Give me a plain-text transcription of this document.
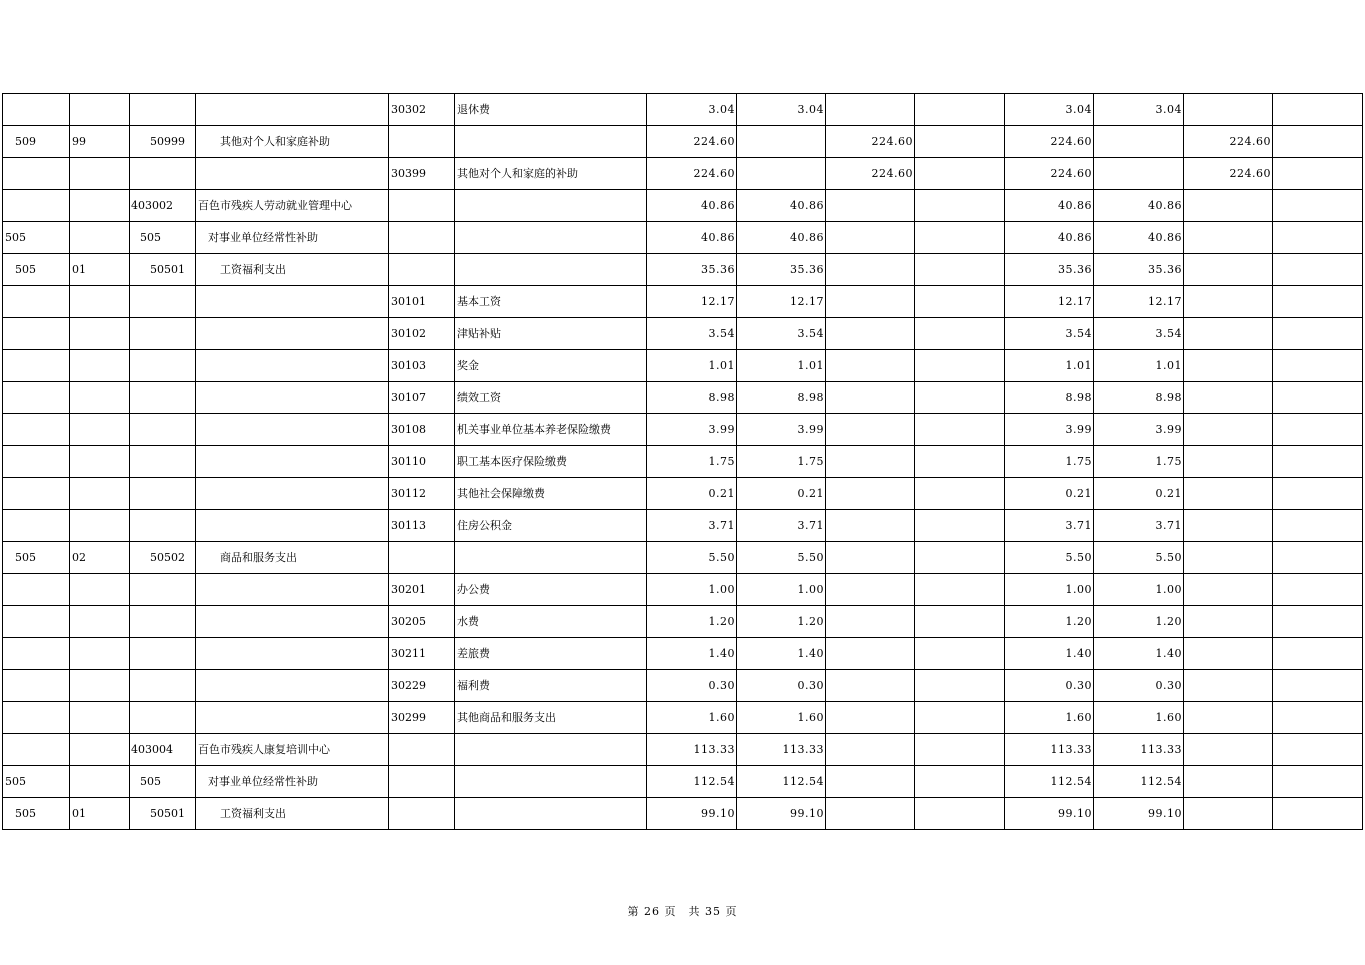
				30302	退休费	3.04	3.04			3.04	3.04		
509	99	50999	其他对个人和家庭补助			224.60		224.60		224.60		224.60	
				30399	其他对个人和家庭的补助	224.60		224.60		224.60		224.60	
		403002	百色市残疾人劳动就业管理中心			40.86	40.86			40.86	40.86		
505		505	对事业单位经常性补助			40.86	40.86			40.86	40.86		
505	01	50501	工资福利支出			35.36	35.36			35.36	35.36		
				30101	基本工资	12.17	12.17			12.17	12.17		
				30102	津贴补贴	3.54	3.54			3.54	3.54		
				30103	奖金	1.01	1.01			1.01	1.01		
				30107	绩效工资	8.98	8.98			8.98	8.98		
				30108	机关事业单位基本养老保险缴费	3.99	3.99			3.99	3.99		
				30110	职工基本医疗保险缴费	1.75	1.75			1.75	1.75		
				30112	其他社会保障缴费	0.21	0.21			0.21	0.21		
				30113	住房公积金	3.71	3.71			3.71	3.71		
505	02	50502	商品和服务支出			5.50	5.50			5.50	5.50		
				30201	办公费	1.00	1.00			1.00	1.00		
				30205	水费	1.20	1.20			1.20	1.20		
				30211	差旅费	1.40	1.40			1.40	1.40		
				30229	福利费	0.30	0.30			0.30	0.30		
				30299	其他商品和服务支出	1.60	1.60			1.60	1.60		
		403004	百色市残疾人康复培训中心			113.33	113.33			113.33	113.33		
505		505	对事业单位经常性补助			112.54	112.54			112.54	112.54		
505	01	50501	工资福利支出			99.10	99.10			99.10	99.10		
第 26 页　共 35 页
